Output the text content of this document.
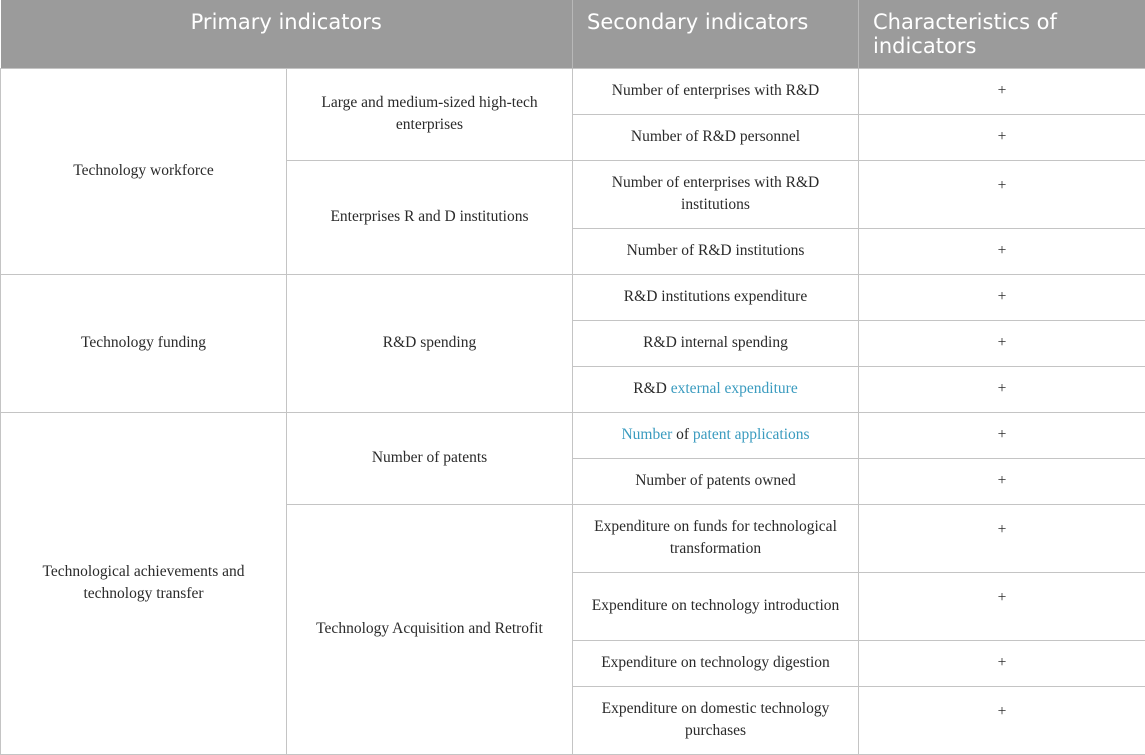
Primary indicators		Secondary indicators	Characteristics of indicators
Technology workforce	Large and medium-sized high-tech enterprises	Number of enterprises with R&D	+
		Number of R&D personnel	+
	Enterprises R and D institutions	Number of enterprises with R&D institutions	+
		Number of R&D institutions	+
Technology funding	R&D spending	R&D institutions expenditure	+
		R&D internal spending	+
		R&D external expenditure	+
Technological achievements and technology transfer	Number of patents	Number of patent applications	+
		Number of patents owned	+
	Technology Acquisition and Retrofit	Expenditure on funds for technological transformation	+
		Expenditure on technology introduction	+
		Expenditure on technology digestion	+
		Expenditure on domestic technology purchases	+
